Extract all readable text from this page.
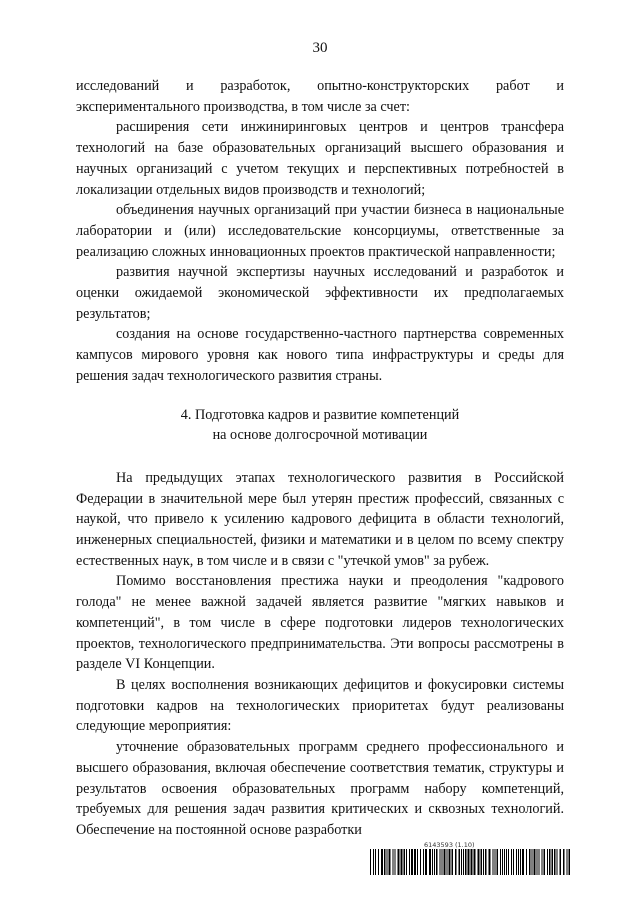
30

исследований и разработок, опытно-конструкторских работ и экспериментального производства, в том числе за счет:

расширения сети инжиниринговых центров и центров трансфера технологий на базе образовательных организаций высшего образования и научных организаций с учетом текущих и перспективных потребностей в локализации отдельных видов производств и технологий;

объединения научных организаций при участии бизнеса в национальные лаборатории и (или) исследовательские консорциумы, ответственные за реализацию сложных инновационных проектов практической направленности;

развития научной экспертизы научных исследований и разработок и оценки ожидаемой экономической эффективности их предполагаемых результатов;

создания на основе государственно-частного партнерства современных кампусов мирового уровня как нового типа инфраструктуры и среды для решения задач технологического развития страны.

4. Подготовка кадров и развитие компетенций

на основе долгосрочной мотивации

На предыдущих этапах технологического развития в Российской Федерации в значительной мере был утерян престиж профессий, связанных с наукой, что привело к усилению кадрового дефицита в области технологий, инженерных специальностей, физики и математики и в целом по всему спектру естественных наук, в том числе и в связи с "утечкой умов" за рубеж.

Помимо восстановления престижа науки и преодоления "кадрового голода" не менее важной задачей является развитие "мягких навыков и компетенций", в том числе в сфере подготовки лидеров технологических проектов, технологического предпринимательства. Эти вопросы рассмотрены в разделе VI Концепции.

В целях восполнения возникающих дефицитов и фокусировки системы подготовки кадров на технологических приоритетах будут реализованы следующие мероприятия:

уточнение образовательных программ среднего профессионального и высшего образования, включая обеспечение соответствия тематик, структуры и результатов освоения образовательных программ набору компетенций, требуемых для решения задач развития критических и сквозных технологий. Обеспечение на постоянной основе разработки

6143593 (1.10)
